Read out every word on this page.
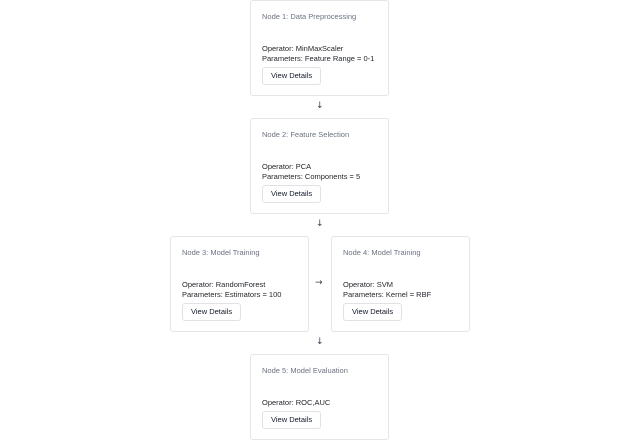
Node 1: Data Preprocessing
Operator: MinMaxScaler
Parameters: Feature Range = 0-1
View Details
↓
Node 2: Feature Selection
Operator: PCA
Parameters: Components = 5
View Details
↓
Node 3: Model Training
Operator: RandomForest
Parameters: Estimators = 100
View Details
→
Node 4: Model Training
Operator: SVM
Parameters: Kernel = RBF
View Details
↓
Node 5: Model Evaluation
Operator: ROC,AUC
View Details
